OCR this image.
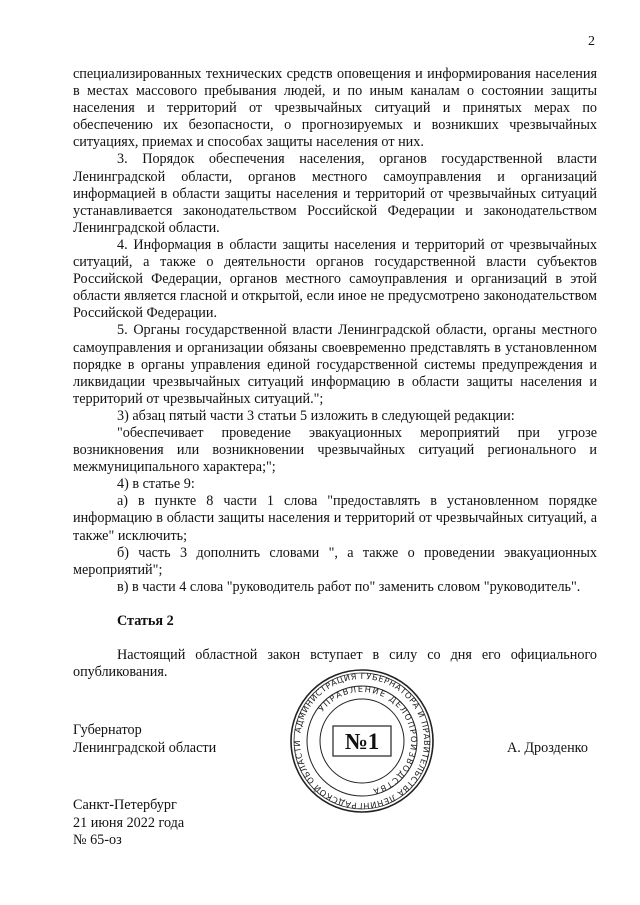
2

специализированных технических средств оповещения и информирования населения в местах массового пребывания людей, и по иным каналам о состоянии защиты населения и территорий от чрезвычайных ситуаций и принятых мерах по обеспечению их безопасности, о прогнозируемых и возникших чрезвычайных ситуациях, приемах и способах защиты населения от них.

3. Порядок обеспечения населения, органов государственной власти Ленинградской области, органов местного самоуправления и организаций информацией в области защиты населения и территорий от чрезвычайных ситуаций устанавливается законодательством Российской Федерации и законодательством Ленинградской области.

4. Информация в области защиты населения и территорий от чрезвычайных ситуаций, а также о деятельности органов государственной власти субъектов Российской Федерации, органов местного самоуправления и организаций в этой области является гласной и открытой, если иное не предусмотрено законодательством Российской Федерации.

5. Органы государственной власти Ленинградской области, органы местного самоуправления и организации обязаны своевременно представлять в установленном порядке в органы управления единой государственной системы предупреждения и ликвидации чрезвычайных ситуаций информацию в области защиты населения и территорий от чрезвычайных ситуаций.";

3) абзац пятый части 3 статьи 5 изложить в следующей редакции:

"обеспечивает проведение эвакуационных мероприятий при угрозе возникновения или возникновении чрезвычайных ситуаций регионального и межмуниципального характера;";

4) в статье 9:

а) в пункте 8 части 1 слова "предоставлять в установленном порядке информацию в области защиты населения и территорий от чрезвычайных ситуаций, а также" исключить;

б) часть 3 дополнить словами ", а также о проведении эвакуационных мероприятий";

в) в части 4 слова "руководитель работ по" заменить словом "руководитель".

Статья 2

Настоящий областной закон вступает в силу со дня его официального опубликования.

Губернатор
Ленинградской области
АДМИНИСТРАЦИЯ ГУБЕРНАТОРА И ПРАВИТЕЛЬСТВА ЛЕНИНГРАДСКОЙ ОБЛАСТИ
УПРАВЛЕНИЕ ДЕЛОПРОИЗВОДСТВА
№1	А. Дрозденко
Санкт-Петербург
21 июня 2022 года
№ 65-оз
